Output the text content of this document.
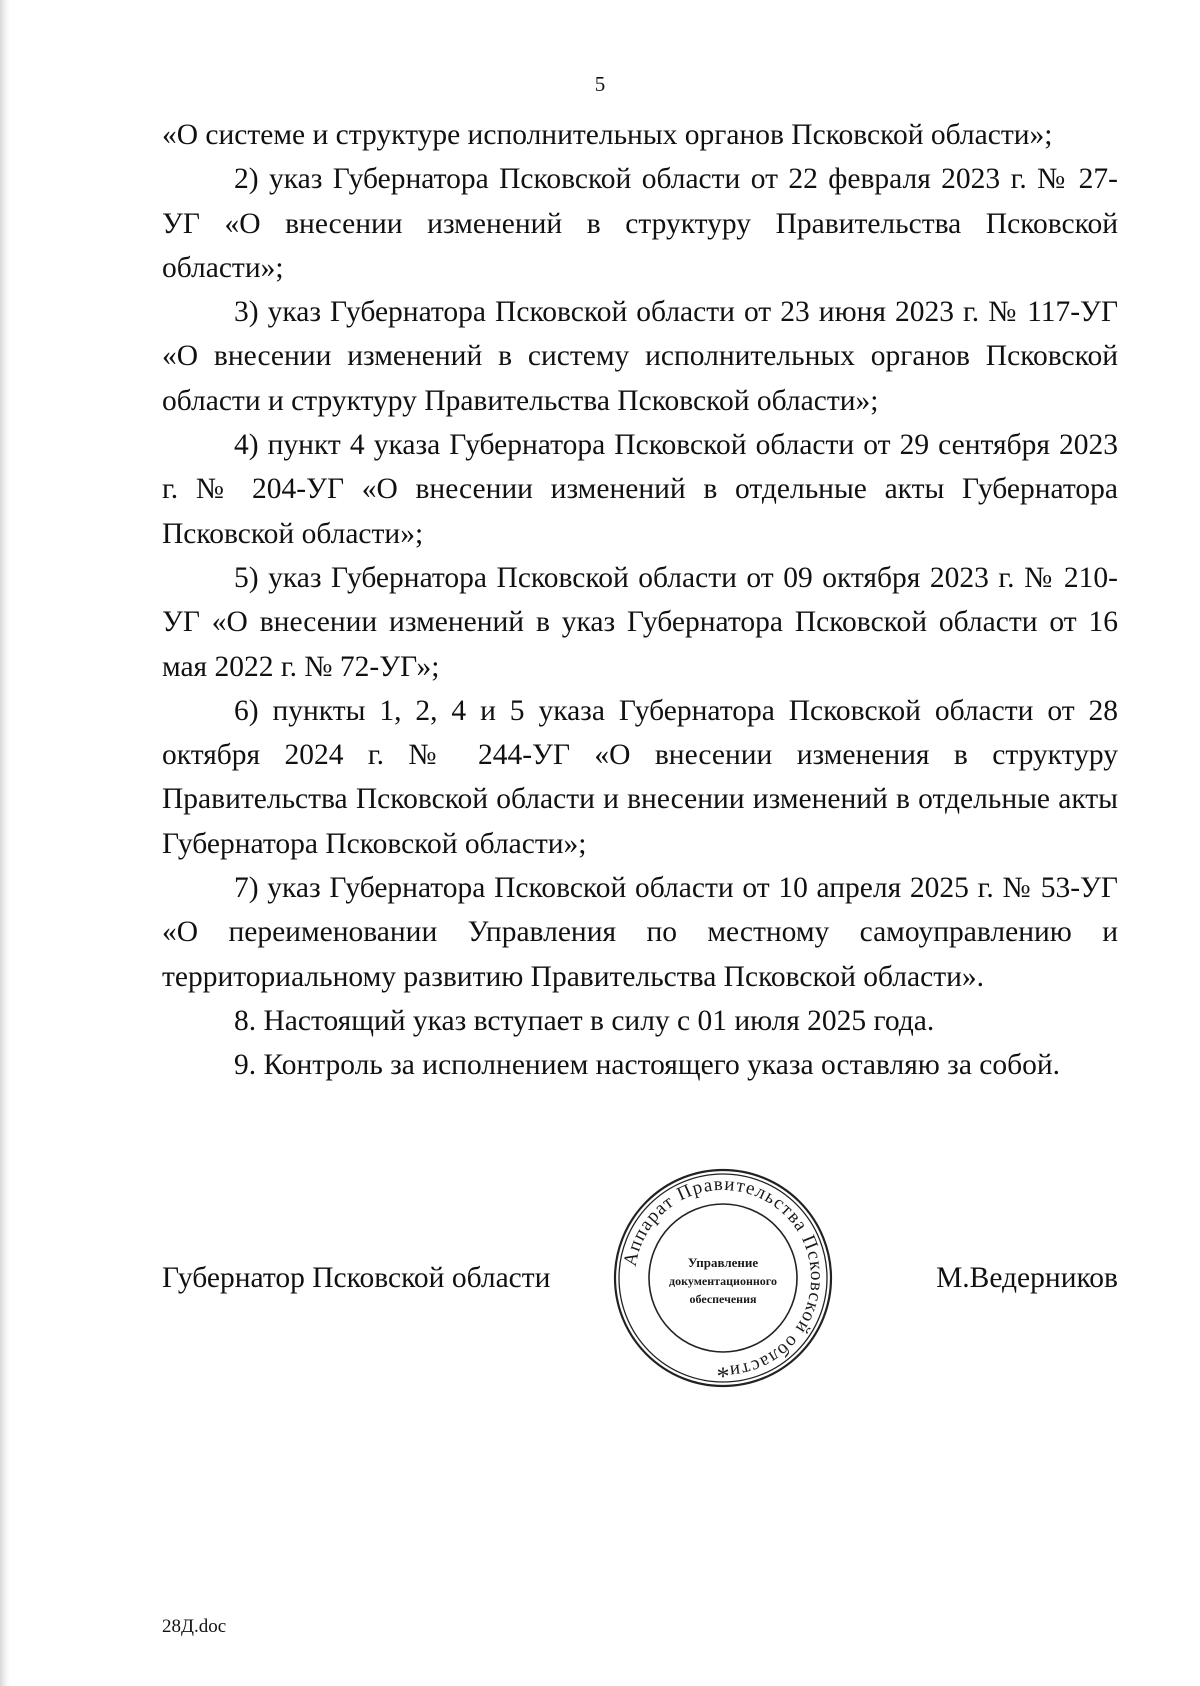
5

«О системе и структуре исполнительных органов Псковской области»;

2) указ Губернатора Псковской области от 22 февраля 2023 г. № 27-УГ «О внесении изменений в структуру Правительства Псковской области»;

3) указ Губернатора Псковской области от 23 июня 2023 г. № 117-УГ «О внесении изменений в систему исполнительных органов Псковской области и структуру Правительства Псковской области»;

4) пункт 4 указа Губернатора Псковской области от 29 сентября 2023 г. № 204-УГ «О внесении изменений в отдельные акты Губернатора Псковской области»;

5) указ Губернатора Псковской области от 09 октября 2023 г. № 210-УГ «О внесении изменений в указ Губернатора Псковской области от 16 мая 2022 г. № 72-УГ»;

6) пункты 1, 2, 4 и 5 указа Губернатора Псковской области от 28 октября 2024 г. № 244-УГ «О внесении изменения в структуру Правительства Псковской области и внесении изменений в отдельные акты Губернатора Псковской области»;

7) указ Губернатора Псковской области от 10 апреля 2025 г. № 53-УГ «О переименовании Управления по местному самоуправлению и территориальному развитию Правительства Псковской области».

8. Настоящий указ вступает в силу с 01 июля 2025 года.

9. Контроль за исполнением настоящего указа оставляю за собой.

Губернатор Псковской области	М.Ведерников
Аппарат Правительства Псковской области
Управление
документационного
обеспечения
*
28Д.doc
